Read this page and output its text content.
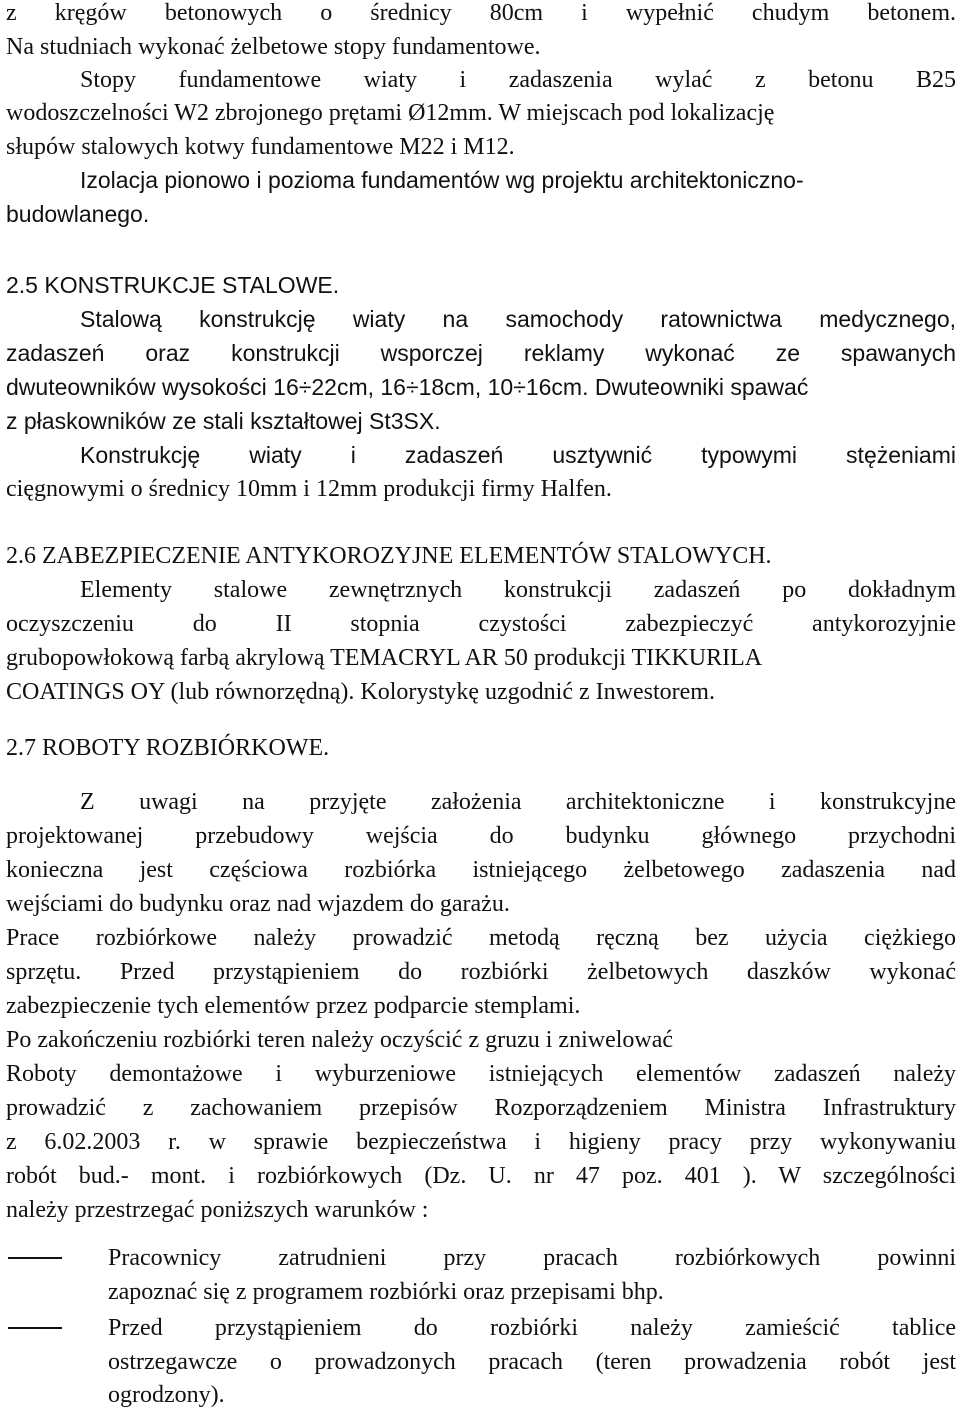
z kręgów betonowych o średnicy 80cm i wypełnić chudym betonem.

Na studniach wykonać żelbetowe stopy fundamentowe.

Stopy fundamentowe wiaty i zadaszenia wylać z betonu B25

wodoszczelności W2 zbrojonego prętami Ø12mm. W miejscach pod lokalizację

słupów stalowych kotwy fundamentowe M22 i M12.

Izolacja pionowo i pozioma fundamentów wg projektu architektoniczno-

budowlanego.

2.5 KONSTRUKCJE STALOWE.

Stalową konstrukcję wiaty na samochody ratownictwa medycznego,

zadaszeń oraz konstrukcji wsporczej reklamy wykonać ze spawanych

dwuteowników wysokości 16÷22cm, 16÷18cm, 10÷16cm. Dwuteowniki spawać

z płaskowników ze stali kształtowej St3SX.

Konstrukcję wiaty i zadaszeń usztywnić typowymi stężeniami

cięgnowymi o średnicy 10mm i 12mm produkcji firmy Halfen.

2.6 ZABEZPIECZENIE ANTYKOROZYJNE ELEMENTÓW STALOWYCH.

Elementy stalowe zewnętrznych konstrukcji zadaszeń po dokładnym

oczyszczeniu do II stopnia czystości zabezpieczyć antykorozyjnie

grubopowłokową farbą akrylową TEMACRYL AR 50 produkcji TIKKURILA

COATINGS OY (lub równorzędną). Kolorystykę uzgodnić z Inwestorem.

2.7 ROBOTY ROZBIÓRKOWE.

Z uwagi na przyjęte założenia architektoniczne i konstrukcyjne

projektowanej przebudowy wejścia do budynku głównego przychodni

konieczna jest częściowa rozbiórka istniejącego żelbetowego zadaszenia nad

wejściami do budynku oraz nad wjazdem do garażu.

Prace rozbiórkowe należy prowadzić metodą ręczną bez użycia ciężkiego

sprzętu. Przed przystąpieniem do rozbiórki żelbetowych daszków wykonać

zabezpieczenie tych elementów przez podparcie stemplami.

Po zakończeniu rozbiórki teren należy oczyścić z gruzu i zniwelować

Roboty demontażowe i wyburzeniowe istniejących elementów zadaszeń należy

prowadzić z zachowaniem przepisów Rozporządzeniem Ministra Infrastruktury

z 6.02.2003 r. w sprawie bezpieczeństwa i higieny pracy przy wykonywaniu

robót bud.- mont. i rozbiórkowych (Dz. U. nr 47 poz. 401 ). W szczególności

należy przestrzegać poniższych warunków :

Pracownicy zatrudnieni przy pracach rozbiórkowych powinni

zapoznać się z programem rozbiórki oraz przepisami bhp.

Przed przystąpieniem do rozbiórki należy zamieścić tablice

ostrzegawcze o prowadzonych pracach (teren prowadzenia robót jest

ogrodzony).
